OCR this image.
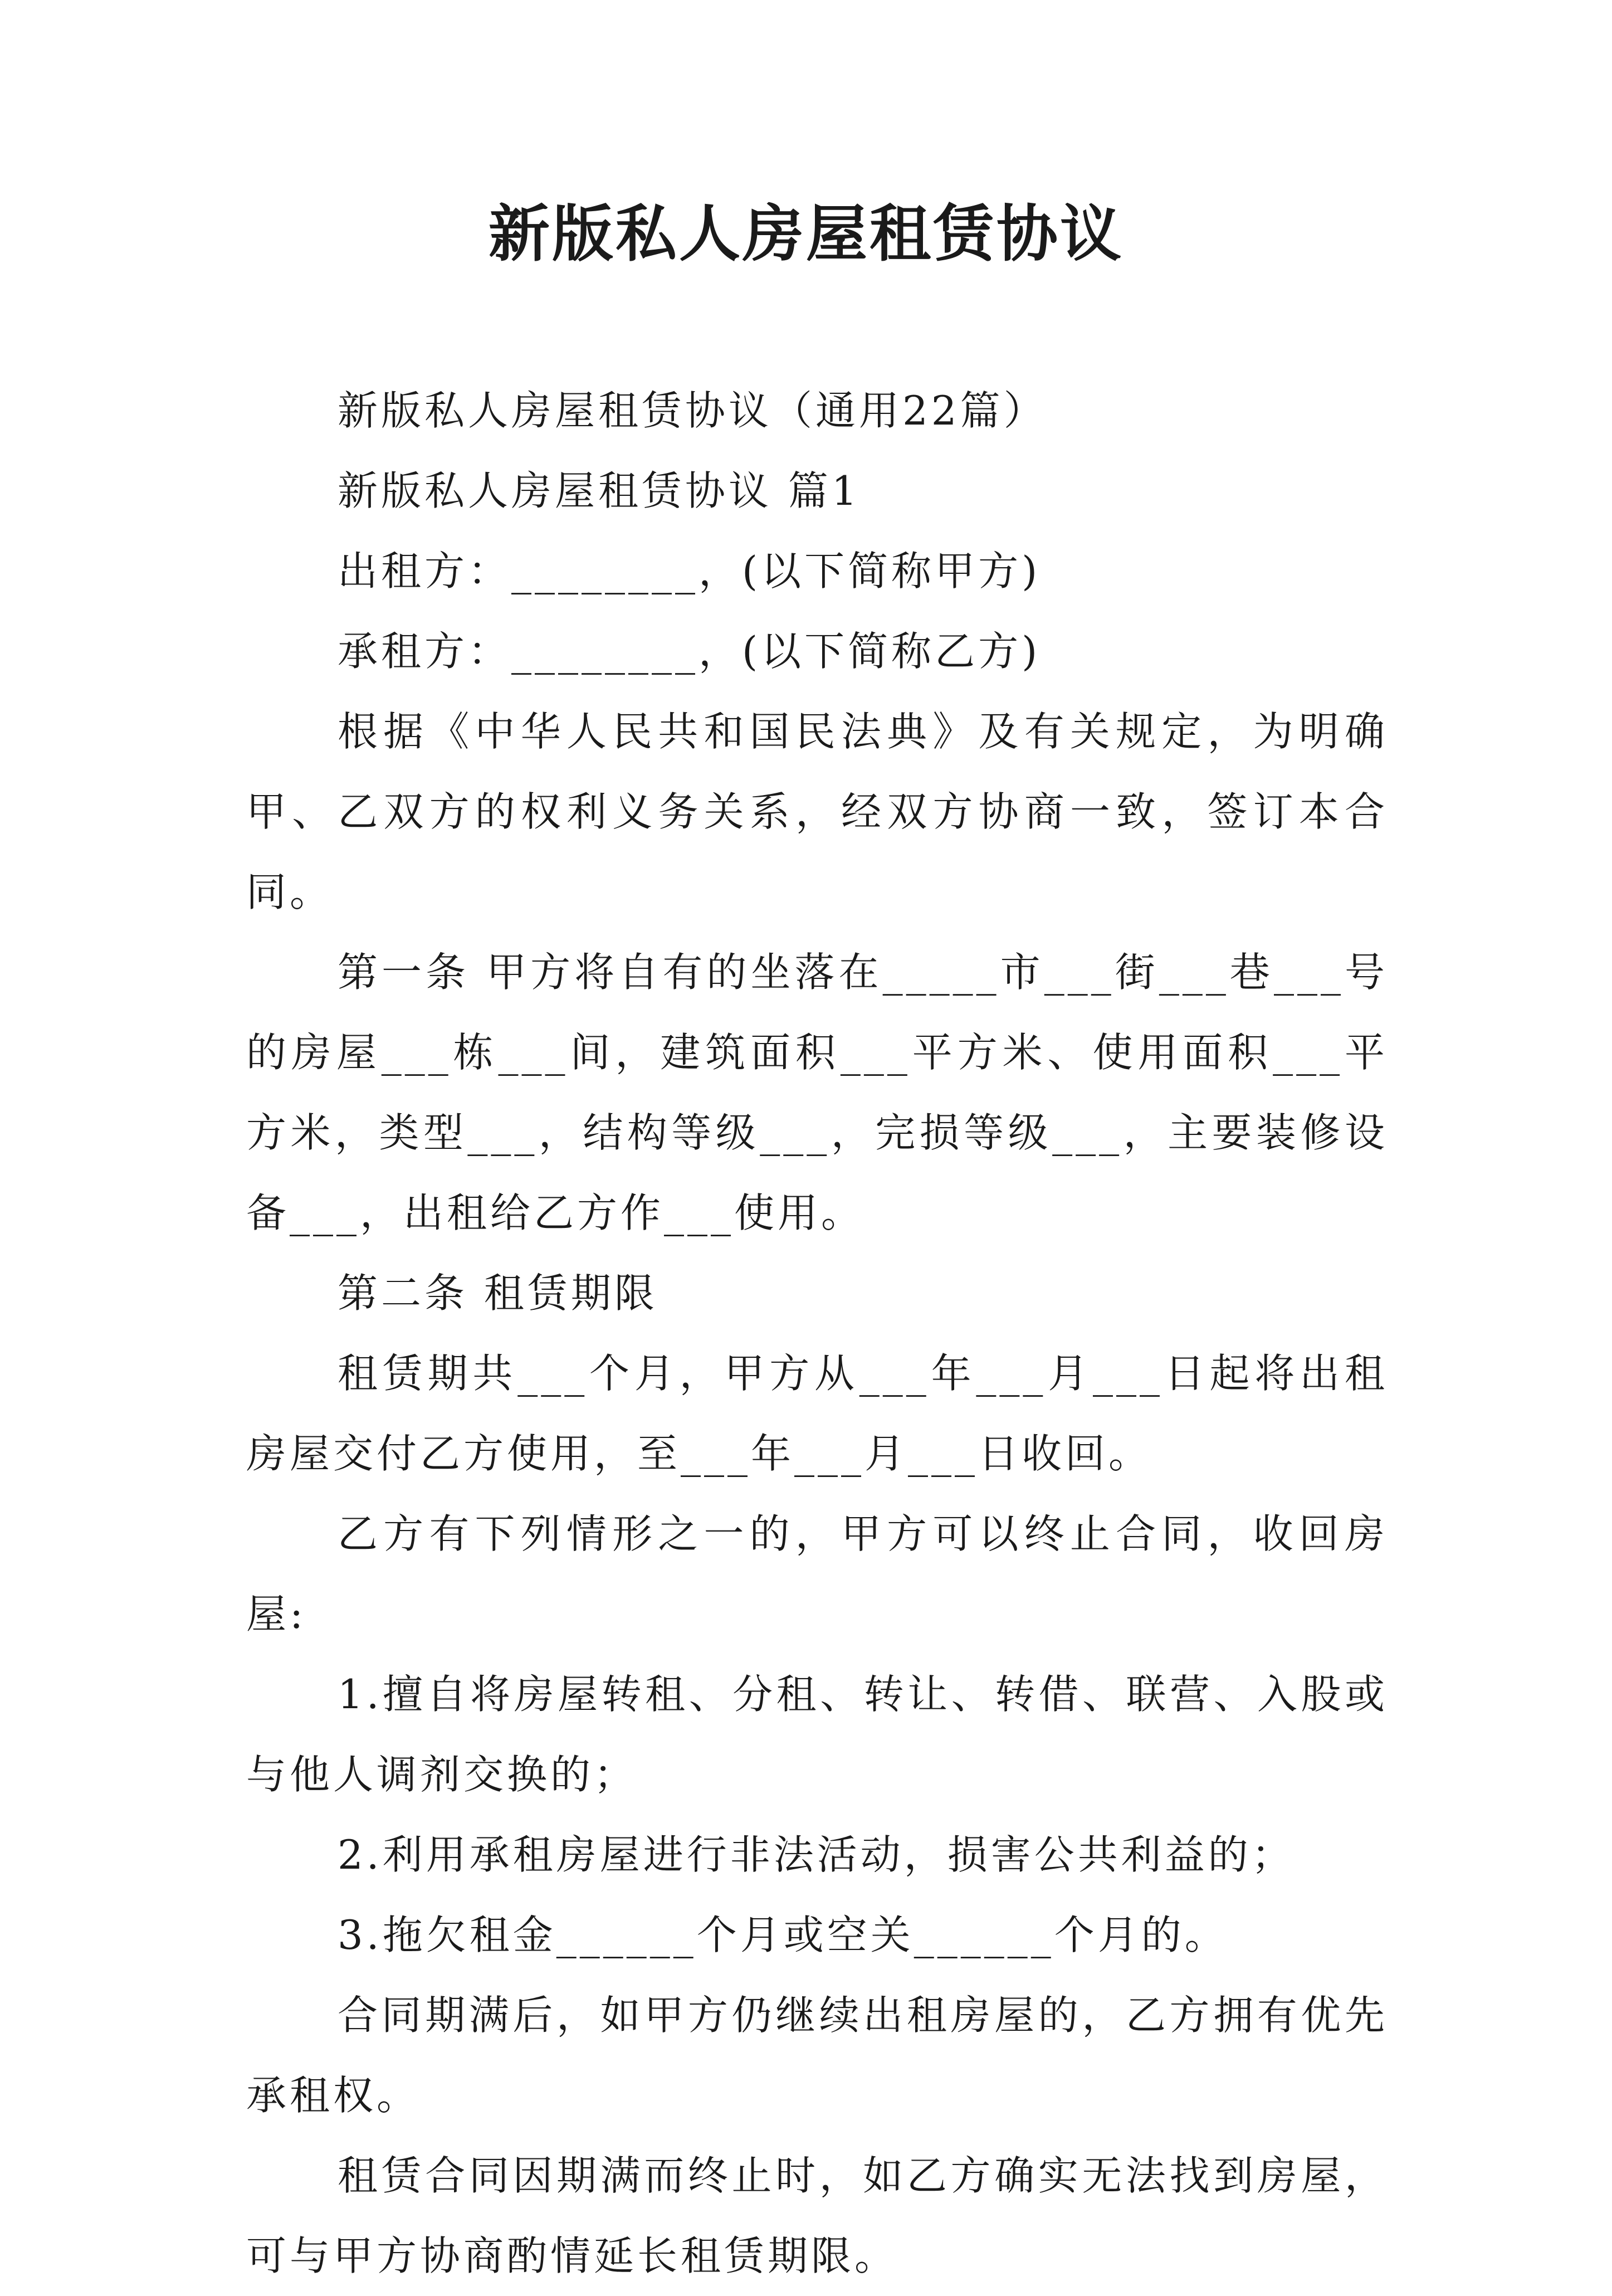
新版私人房屋租赁协议

新版私人房屋租赁协议（通用22篇）

新版私人房屋租赁协议 篇1

出租方：________，(以下简称甲方)

承租方：________，(以下简称乙方)

根据《中华人民共和国民法典》及有关规定，为明确甲、乙双方的权利义务关系，经双方协商一致，签订本合同。

第一条 甲方将自有的坐落在_____市___街___巷___号的房屋___栋___间，建筑面积___平方米、使用面积___平方米，类型___，结构等级___，完损等级___，主要装修设备___，出租给乙方作___使用。

第二条 租赁期限

租赁期共___个月，甲方从___年___月___日起将出租房屋交付乙方使用，至___年___月___日收回。

乙方有下列情形之一的，甲方可以终止合同，收回房屋:

1.擅自将房屋转租、分租、转让、转借、联营、入股或与他人调剂交换的；

2.利用承租房屋进行非法活动，损害公共利益的；

3.拖欠租金______个月或空关______个月的。

合同期满后，如甲方仍继续出租房屋的，乙方拥有优先承租权。

租赁合同因期满而终止时，如乙方确实无法找到房屋，可与甲方协商酌情延长租赁期限。
